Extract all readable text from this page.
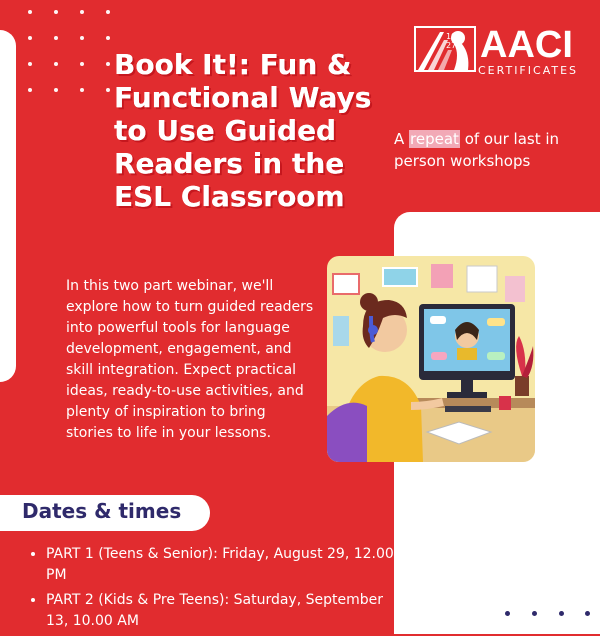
19
27 AACI
CERTIFICATES
Book It!: Fun & Functional Ways to Use Guided Readers in the ESL Classroom
A repeat of our last in person workshops

In this two part webinar, we'll explore how to turn guided readers into powerful tools for language development, engagement, and skill integration. Expect practical ideas, ready-to-use activities, and plenty of inspiration to bring stories to life in your lessons.

Dates & times
• PART 1 (Teens & Senior): Friday, August 29, 12.00 PM
• PART 2 (Kids & Pre Teens): Saturday, September 13, 10.00 AM
